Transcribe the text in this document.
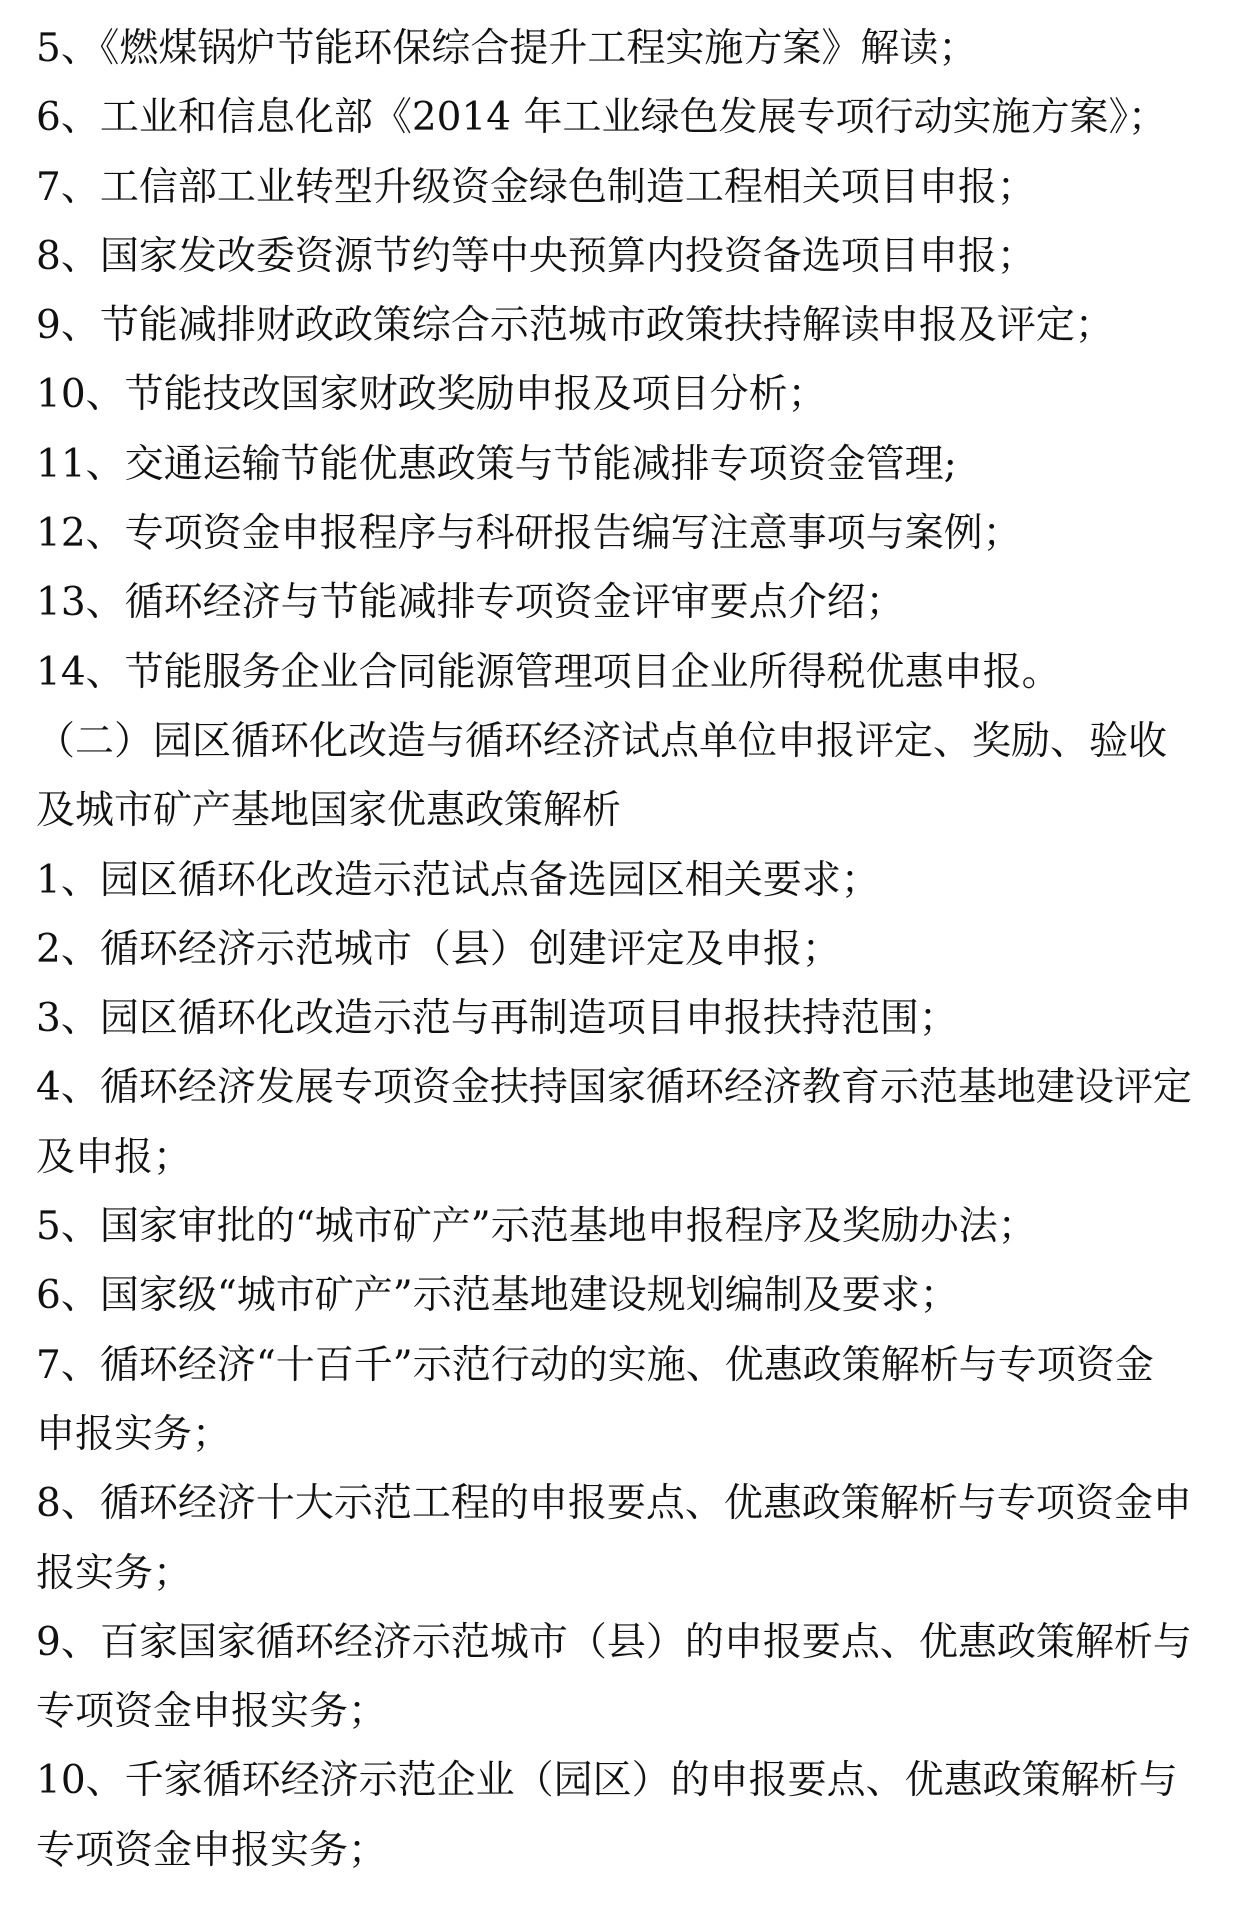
5、《燃煤锅炉节能环保综合提升工程实施方案》解读；

6、工业和信息化部《2014 年工业绿色发展专项行动实施方案》；

7、工信部工业转型升级资金绿色制造工程相关项目申报；

8、国家发改委资源节约等中央预算内投资备选项目申报；

9、节能减排财政政策综合示范城市政策扶持解读申报及评定；

10、节能技改国家财政奖励申报及项目分析；

11、交通运输节能优惠政策与节能减排专项资金管理;

12、专项资金申报程序与科研报告编写注意事项与案例；

13、循环经济与节能减排专项资金评审要点介绍；

14、节能服务企业合同能源管理项目企业所得税优惠申报。

（二）园区循环化改造与循环经济试点单位申报评定、奖励、验收

及城市矿产基地国家优惠政策解析

1、园区循环化改造示范试点备选园区相关要求；

2、循环经济示范城市（县）创建评定及申报；

3、园区循环化改造示范与再制造项目申报扶持范围；

4、循环经济发展专项资金扶持国家循环经济教育示范基地建设评定

及申报；

5、国家审批的“城市矿产”示范基地申报程序及奖励办法；

6、国家级“城市矿产”示范基地建设规划编制及要求；

7、循环经济“十百千”示范行动的实施、优惠政策解析与专项资金

申报实务；

8、循环经济十大示范工程的申报要点、优惠政策解析与专项资金申

报实务；

9、百家国家循环经济示范城市（县）的申报要点、优惠政策解析与

专项资金申报实务；

10、千家循环经济示范企业（园区）的申报要点、优惠政策解析与

专项资金申报实务；
